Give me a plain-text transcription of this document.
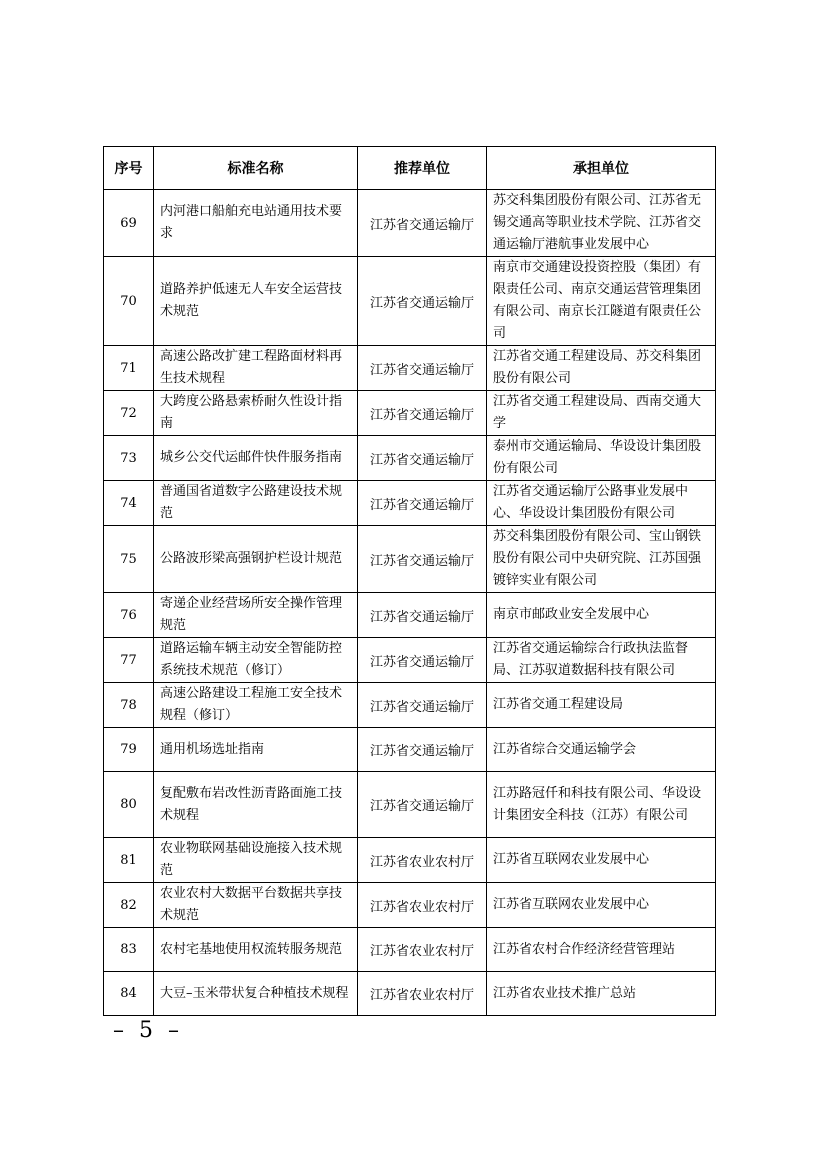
序号	标准名称	推荐单位	承担单位
69	内河港口船舶充电站通用技术要求	江苏省交通运输厅	苏交科集团股份有限公司、江苏省无锡交通高等职业技术学院、江苏省交通运输厅港航事业发展中心
70	道路养护低速无人车安全运营技术规范	江苏省交通运输厅	南京市交通建设投资控股（集团）有限责任公司、南京交通运营管理集团有限公司、南京长江隧道有限责任公司
71	高速公路改扩建工程路面材料再生技术规程	江苏省交通运输厅	江苏省交通工程建设局、苏交科集团股份有限公司
72	大跨度公路悬索桥耐久性设计指南	江苏省交通运输厅	江苏省交通工程建设局、西南交通大学
73	城乡公交代运邮件快件服务指南	江苏省交通运输厅	泰州市交通运输局、华设设计集团股份有限公司
74	普通国省道数字公路建设技术规范	江苏省交通运输厅	江苏省交通运输厅公路事业发展中心、华设设计集团股份有限公司
75	公路波形梁高强钢护栏设计规范	江苏省交通运输厅	苏交科集团股份有限公司、宝山钢铁股份有限公司中央研究院、江苏国强镀锌实业有限公司
76	寄递企业经营场所安全操作管理规范	江苏省交通运输厅	南京市邮政业安全发展中心
77	道路运输车辆主动安全智能防控系统技术规范（修订）	江苏省交通运输厅	江苏省交通运输综合行政执法监督局、江苏驭道数据科技有限公司
78	高速公路建设工程施工安全技术规程（修订）	江苏省交通运输厅	江苏省交通工程建设局
79	通用机场选址指南	江苏省交通运输厅	江苏省综合交通运输学会
80	复配敷布岩改性沥青路面施工技术规程	江苏省交通运输厅	江苏路冠仟和科技有限公司、华设设计集团安全科技（江苏）有限公司
81	农业物联网基础设施接入技术规范	江苏省农业农村厅	江苏省互联网农业发展中心
82	农业农村大数据平台数据共享技术规范	江苏省农业农村厅	江苏省互联网农业发展中心
83	农村宅基地使用权流转服务规范	江苏省农业农村厅	江苏省农村合作经济经营管理站
84	大豆–玉米带状复合种植技术规程	江苏省农业农村厅	江苏省农业技术推广总站
– 5 –
